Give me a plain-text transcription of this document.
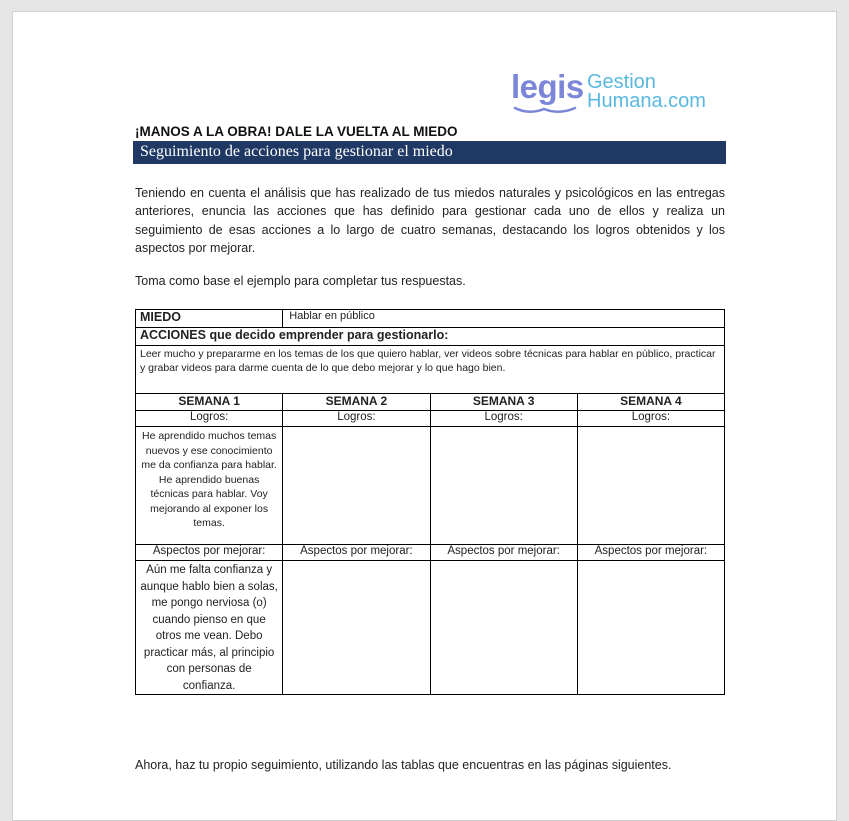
legis Gestion
Humana.com
¡MANOS A LA OBRA! DALE LA VUELTA AL MIEDO
Seguimiento de acciones para gestionar el miedo
Teniendo en cuenta el análisis que has realizado de tus miedos naturales y psicológicos en las entregas anteriores, enuncia las acciones que has definido para gestionar cada uno de ellos y realiza un seguimiento de esas acciones a lo largo de cuatro semanas, destacando los logros obtenidos y los aspectos por mejorar.
Toma como base el ejemplo para completar tus respuestas.
MIEDO	Hablar en público		
ACCIONES que decido emprender para gestionarlo:			
Leer mucho y prepararme en los temas de los que quiero hablar, ver videos sobre técnicas para hablar en público, practicar y grabar videos para darme cuenta de lo que debo mejorar y lo que hago bien.			
SEMANA 1	SEMANA 2	SEMANA 3	SEMANA 4
Logros:	Logros:	Logros:	Logros:
He aprendido muchos temas nuevos y ese conocimiento me da confianza para hablar. He aprendido buenas técnicas para hablar. Voy mejorando al exponer los temas.			
Aspectos por mejorar:	Aspectos por mejorar:	Aspectos por mejorar:	Aspectos por mejorar:
Aún me falta confianza y aunque hablo bien a solas, me pongo nerviosa (o) cuando pienso en que otros me vean. Debo practicar más, al principio con personas de confianza.			
Ahora, haz tu propio seguimiento, utilizando las tablas que encuentras en las páginas siguientes.
